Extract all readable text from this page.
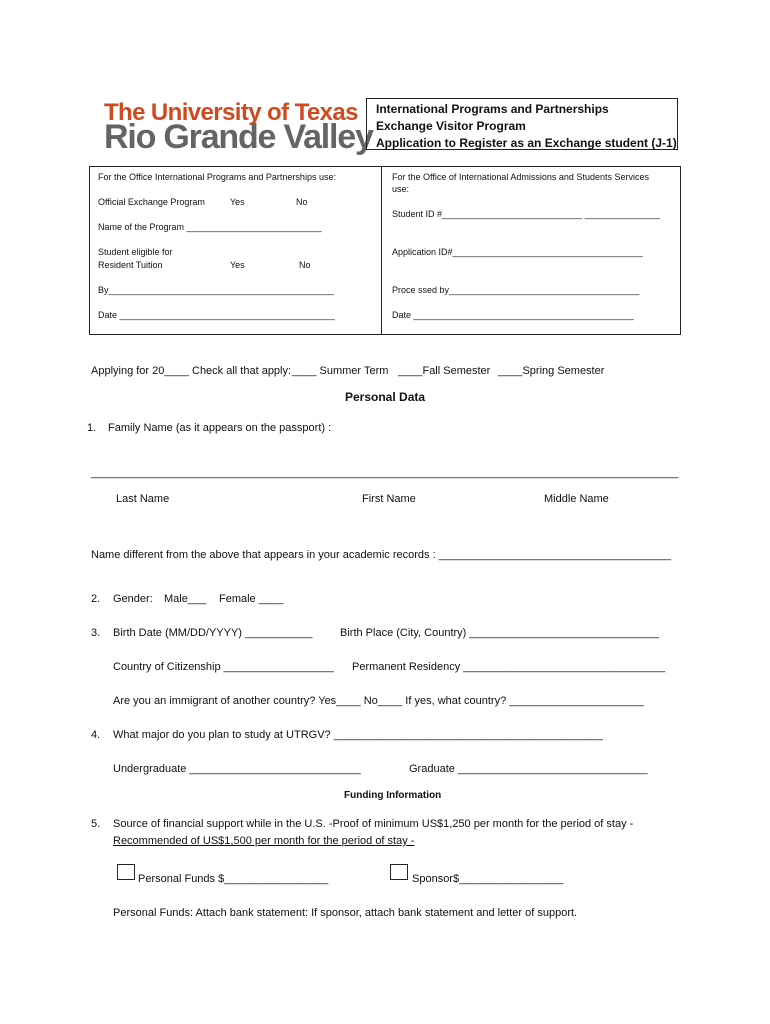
The University of Texas
Rio Grande Valley
International Programs and Partnerships
Exchange Visitor Program
Application to Register as an Exchange student (J-1)
For the Office International Programs and Partnerships use:
Official Exchange Program	Yes	No
Name of the Program ___________________________
Student eligible for
Resident Tuition	Yes	No
By_____________________________________________
Date ___________________________________________
For the Office of International Admissions and Students Services
use:
Student ID #____________________________ _______________
Application ID#______________________________________
Proce ssed by______________________________________
Date ____________________________________________
Applying for 20____ Check all that apply: ____ Summer Term ____Fall Semester ____Spring Semester
Personal Data
1. Family Name (as it appears on the passport) :
________________________________________________________________________________________________
Last Name	First Name	Middle Name
Name different from the above that appears in your academic records : ______________________________________
2. Gender: Male___ Female ____
3. Birth Date (MM/DD/YYYY) ___________	Birth Place (City, Country) _______________________________
Country of Citizenship __________________ Permanent Residency _________________________________
Are you an immigrant of another country? Yes____ No____ If yes, what country? ______________________
4. What major do you plan to study at UTRGV? ____________________________________________
Undergraduate ____________________________	Graduate _______________________________
Funding Information
5. Source of financial support while in the U.S. -Proof of minimum US$1,250 per month for the period of stay -
Recommended of US$1,500 per month for the period of stay -
Personal Funds $_________________	Sponsor$_________________
Personal Funds: Attach bank statement: If sponsor, attach bank statement and letter of support.
